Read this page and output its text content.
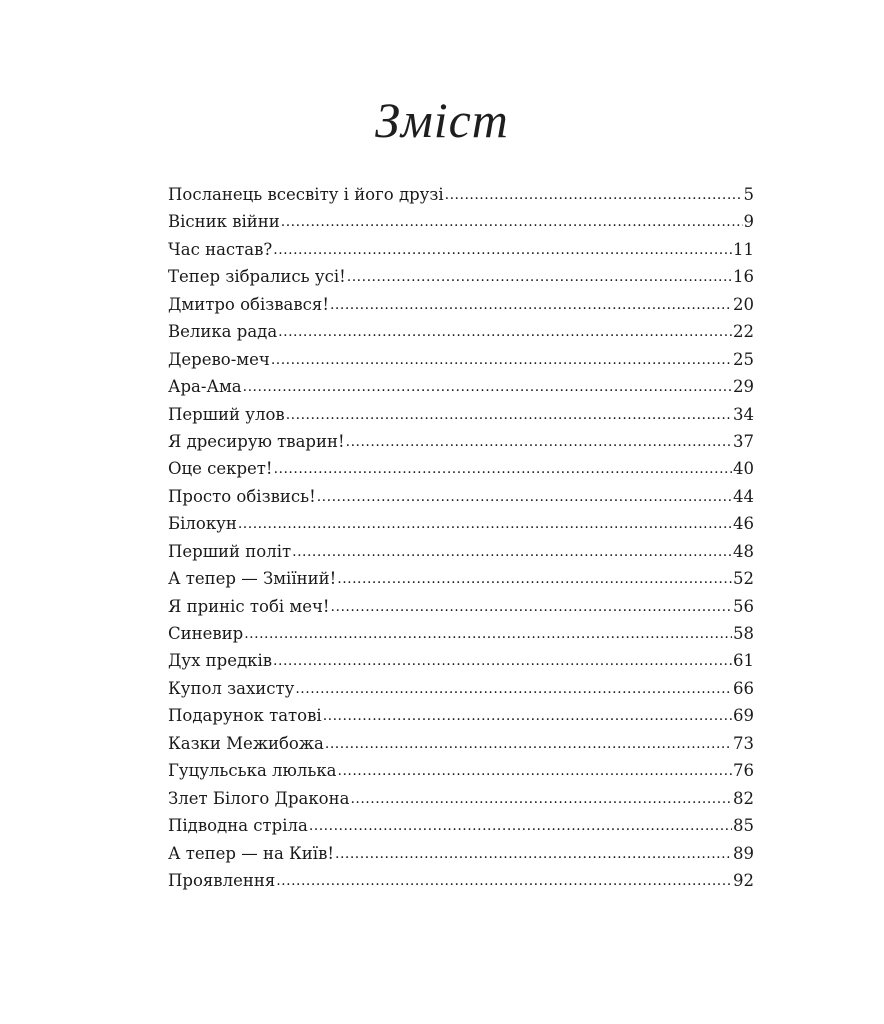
Зміст
Посланець всесвіту і його друзі .....	5
Вісник війни .....	9
Час настав? .....	11
Тепер зібрались усі! .....	16
Дмитро обізвався! .....	20
Велика рада .....	22
Дерево-меч .....	25
Ара-Ама .....	29
Перший улов .....	34
Я дресирую тварин! .....	37
Оце секрет! .....	40
Просто обізвись! .....	44
Білокун .....	46
Перший політ .....	48
А тепер — Зміїний! .....	52
Я приніс тобі меч! .....	56
Синевир .....	58
Дух предків .....	61
Купол захисту .....	66
Подарунок татові .....	69
Казки Межибожа .....	73
Гуцульська люлька .....	76
Злет Білого Дракона .....	82
Підводна стріла .....	85
А тепер — на Київ! .....	89
Проявлення .....	92
